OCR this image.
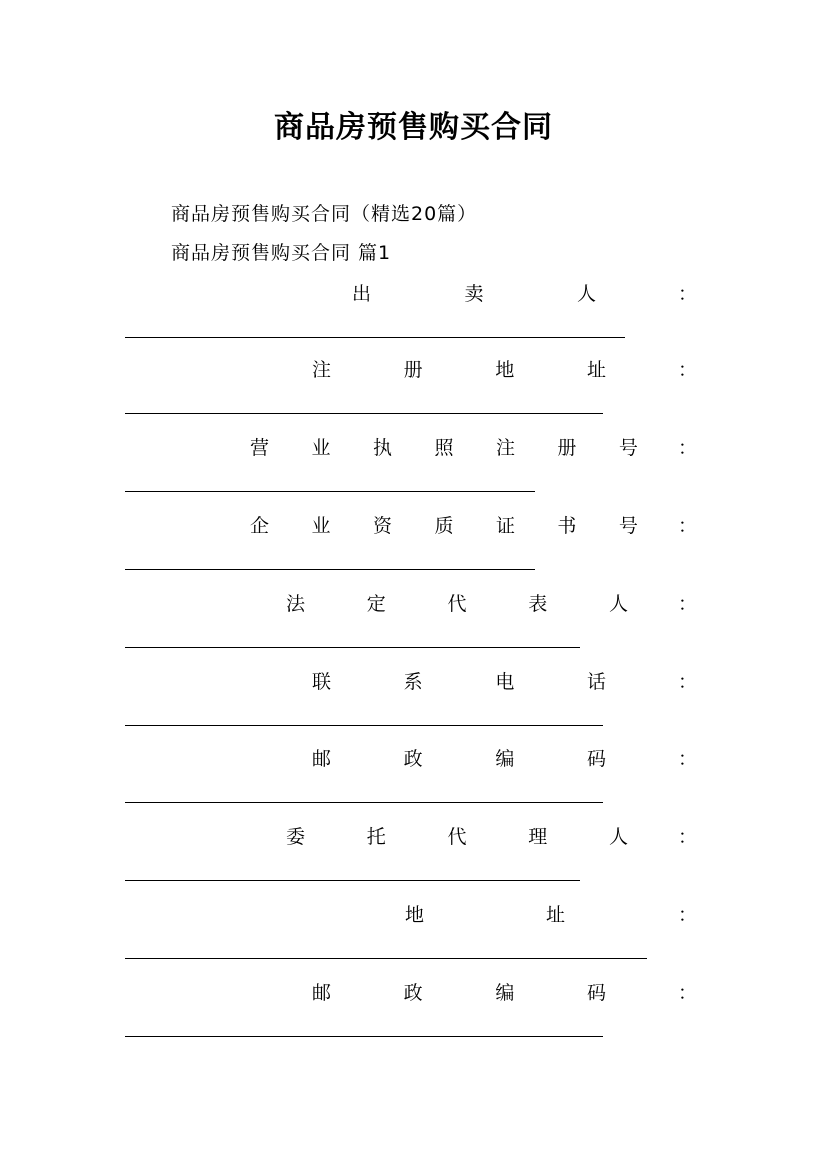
商品房预售购买合同
商品房预售购买合同（精选20篇）
商品房预售购买合同 篇1
出	卖	人	：
注	册	地	址	：
营 业 执 照 注 册 号 ：
企 业 资 质 证 书 号 ：
法	定	代	表	人	：
联	系	电	话	：
邮	政	编	码	：
委	托	代	理	人	：
地	址	：
邮	政	编	码	：
